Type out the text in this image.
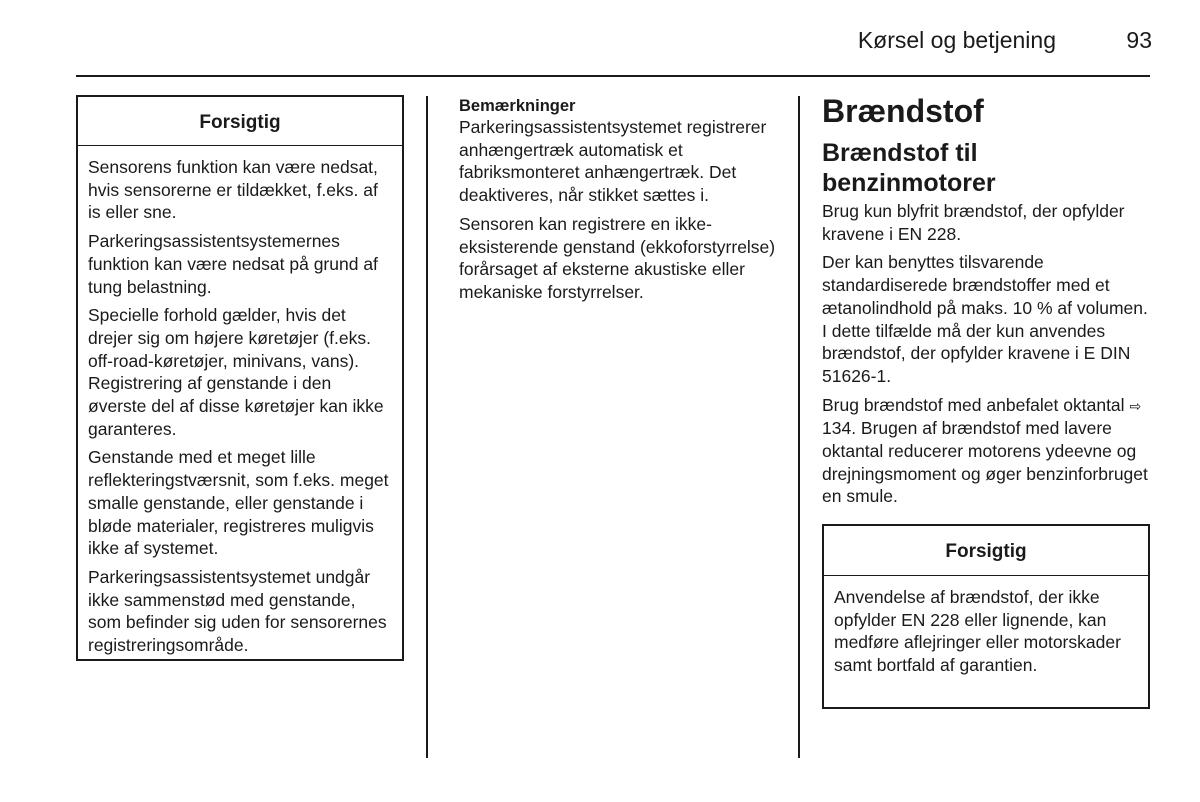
Kørsel og betjening	93
Forsigtig

Sensorens funktion kan være nedsat, hvis sensorerne er tildækket, f.eks. af is eller sne.

Parkeringsassistentsystemernes funktion kan være nedsat på grund af tung belastning.

Specielle forhold gælder, hvis det drejer sig om højere køretøjer (f.eks. off-road-køretøjer, minivans, vans). Registrering af genstande i den øverste del af disse køretøjer kan ikke garanteres.

Genstande med et meget lille reflekteringstværsnit, som f.eks. meget smalle genstande, eller genstande i bløde materialer, registreres muligvis ikke af systemet.

Parkeringsassistentsystemet undgår ikke sammenstød med genstande, som befinder sig uden for sensorernes registreringsområde.

Bemærkninger

Parkeringsassistentsystemet registrerer anhængertræk automatisk et fabriksmonteret anhængertræk. Det deaktiveres, når stikket sættes i.

Sensoren kan registrere en ikke-eksisterende genstand (ekkoforstyrrelse) forårsaget af eksterne akustiske eller mekaniske forstyrrelser.

Brændstof
Brændstof til benzinmotorer

Brug kun blyfrit brændstof, der opfylder kravene i EN 228.

Der kan benyttes tilsvarende standardiserede brændstoffer med et ætanolindhold på maks. 10 % af volumen. I dette tilfælde må der kun anvendes brændstof, der opfylder kravene i E DIN 51626-1.

Brug brændstof med anbefalet oktantal ⇨ 134. Brugen af brændstof med lavere oktantal reducerer motorens ydeevne og drejningsmoment og øger benzinforbruget en smule.

Forsigtig

Anvendelse af brændstof, der ikke opfylder EN 228 eller lignende, kan medføre aflejringer eller motorskader samt bortfald af garantien.
